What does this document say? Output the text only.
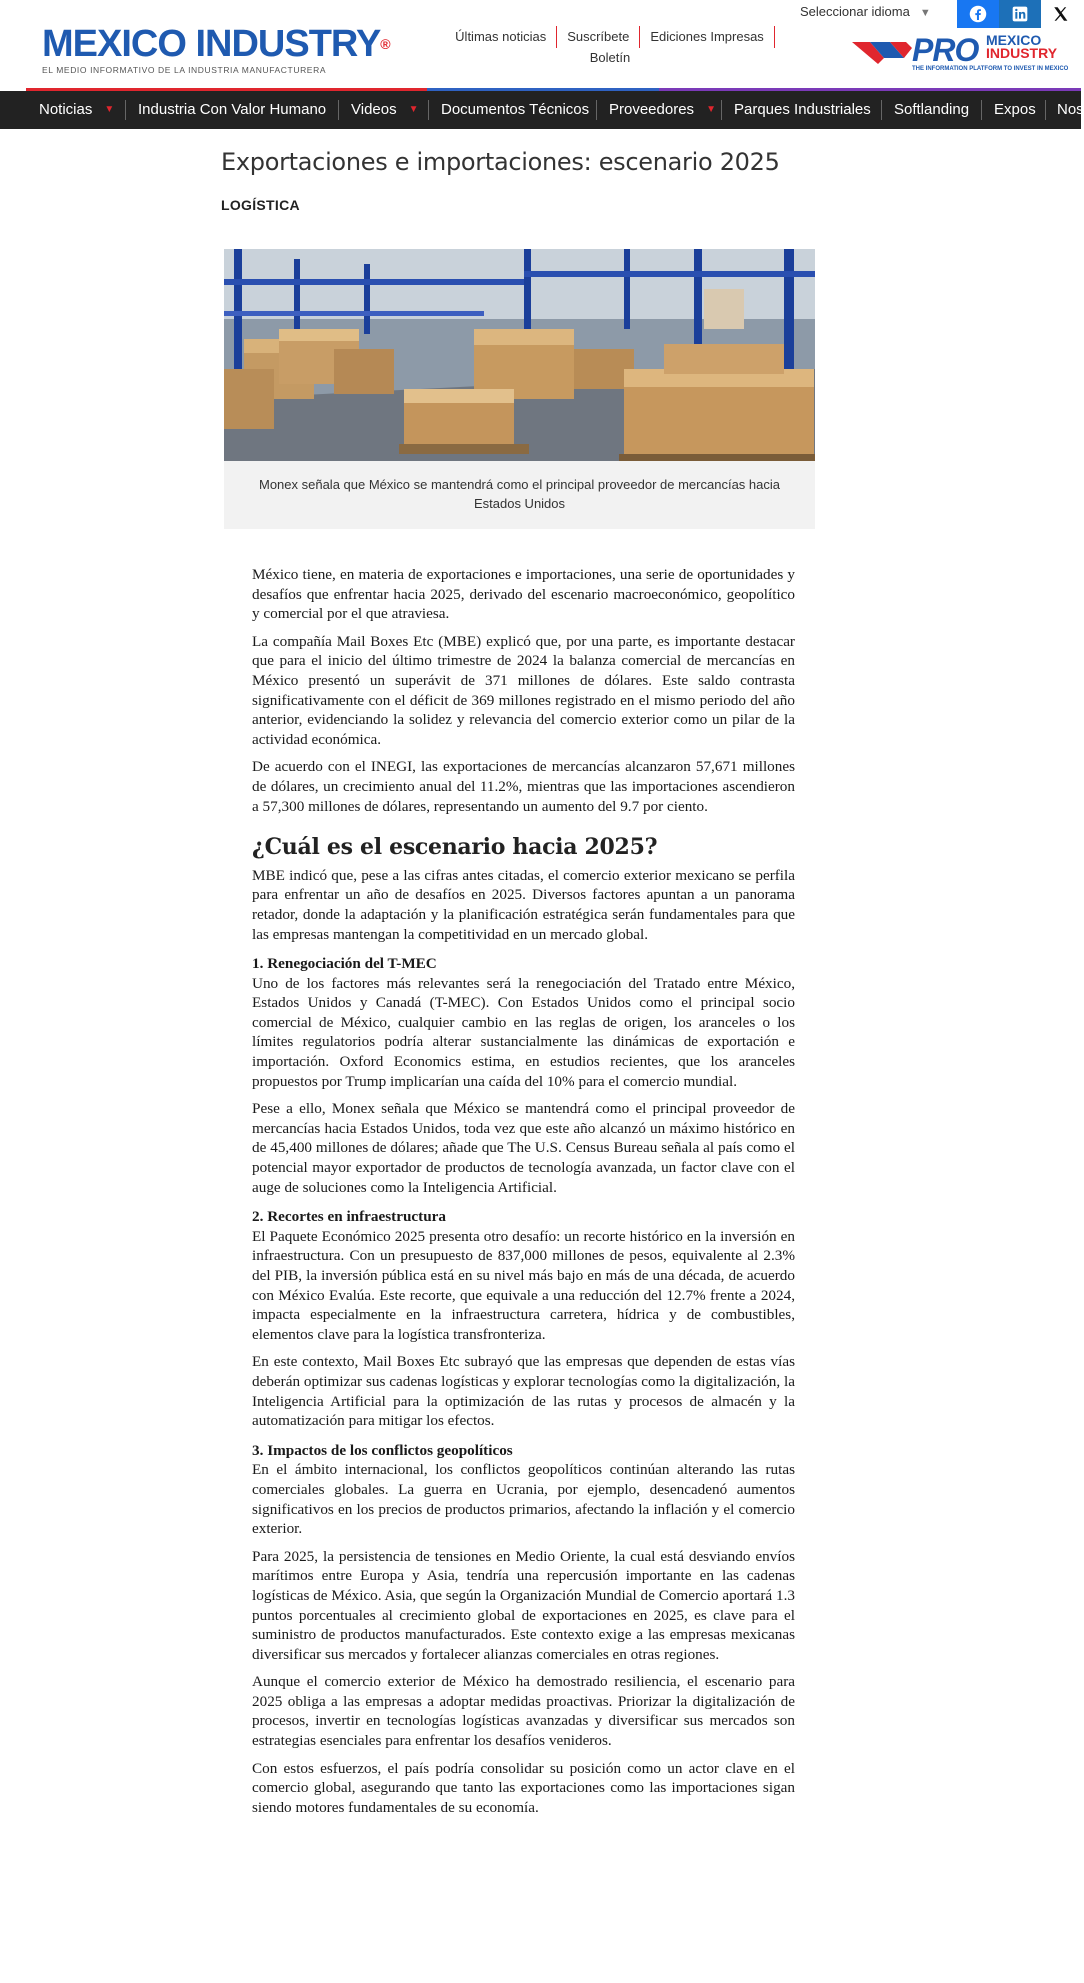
MEXICO INDUSTRY®
EL MEDIO INFORMATIVO DE LA INDUSTRIA MANUFACTURERA
Últimas noticias	Suscríbete	Ediciones Impresas
Boletín
Seleccionar idioma ▼
PRO MEXICO
INDUSTRY
THE INFORMATION PLATFORM TO INVEST IN MEXICO
Noticias ▼ Industria Con Valor Humano Videos ▼ Documentos Técnicos Proveedores ▼ Parques Industriales Softlanding Expos Nos
Exportaciones e importaciones: escenario 2025
LOGÍSTICA
Monex señala que México se mantendrá como el principal proveedor de mercancías hacia Estados Unidos

México tiene, en materia de exportaciones e importaciones, una serie de oportunidades y desafíos que enfrentar hacia 2025, derivado del escenario macroeconómico, geopolítico y comercial por el que atraviesa.

La compañía Mail Boxes Etc (MBE) explicó que, por una parte, es importante destacar que para el inicio del último trimestre de 2024 la balanza comercial de mercancías en México presentó un superávit de 371 millones de dólares. Este saldo contrasta significativamente con el déficit de 369 millones registrado en el mismo periodo del año anterior, evidenciando la solidez y relevancia del comercio exterior como un pilar de la actividad económica.

De acuerdo con el INEGI, las exportaciones de mercancías alcanzaron 57,671 millones de dólares, un crecimiento anual del 11.2%, mientras que las importaciones ascendieron a 57,300 millones de dólares, representando un aumento del 9.7 por ciento.

¿Cuál es el escenario hacia 2025?

MBE indicó que, pese a las cifras antes citadas, el comercio exterior mexicano se perfila para enfrentar un año de desafíos en 2025. Diversos factores apuntan a un panorama retador, donde la adaptación y la planificación estratégica serán fundamentales para que las empresas mantengan la competitividad en un mercado global.

1. Renegociación del T-MEC

Uno de los factores más relevantes será la renegociación del Tratado entre México, Estados Unidos y Canadá (T-MEC). Con Estados Unidos como el principal socio comercial de México, cualquier cambio en las reglas de origen, los aranceles o los límites regulatorios podría alterar sustancialmente las dinámicas de exportación e importación. Oxford Economics estima, en estudios recientes, que los aranceles propuestos por Trump implicarían una caída del 10% para el comercio mundial.

Pese a ello, Monex señala que México se mantendrá como el principal proveedor de mercancías hacia Estados Unidos, toda vez que este año alcanzó un máximo histórico en de 45,400 millones de dólares; añade que The U.S. Census Bureau señala al país como el potencial mayor exportador de productos de tecnología avanzada, un factor clave con el auge de soluciones como la Inteligencia Artificial.

2. Recortes en infraestructura

El Paquete Económico 2025 presenta otro desafío: un recorte histórico en la inversión en infraestructura. Con un presupuesto de 837,000 millones de pesos, equivalente al 2.3% del PIB, la inversión pública está en su nivel más bajo en más de una década, de acuerdo con México Evalúa. Este recorte, que equivale a una reducción del 12.7% frente a 2024, impacta especialmente en la infraestructura carretera, hídrica y de combustibles, elementos clave para la logística transfronteriza.

En este contexto, Mail Boxes Etc subrayó que las empresas que dependen de estas vías deberán optimizar sus cadenas logísticas y explorar tecnologías como la digitalización, la Inteligencia Artificial para la optimización de las rutas y procesos de almacén y la automatización para mitigar los efectos.

3. Impactos de los conflictos geopolíticos

En el ámbito internacional, los conflictos geopolíticos continúan alterando las rutas comerciales globales. La guerra en Ucrania, por ejemplo, desencadenó aumentos significativos en los precios de productos primarios, afectando la inflación y el comercio exterior.

Para 2025, la persistencia de tensiones en Medio Oriente, la cual está desviando envíos marítimos entre Europa y Asia, tendría una repercusión importante en las cadenas logísticas de México. Asia, que según la Organización Mundial de Comercio aportará 1.3 puntos porcentuales al crecimiento global de exportaciones en 2025, es clave para el suministro de productos manufacturados. Este contexto exige a las empresas mexicanas diversificar sus mercados y fortalecer alianzas comerciales en otras regiones.

Aunque el comercio exterior de México ha demostrado resiliencia, el escenario para 2025 obliga a las empresas a adoptar medidas proactivas. Priorizar la digitalización de procesos, invertir en tecnologías logísticas avanzadas y diversificar sus mercados son estrategias esenciales para enfrentar los desafíos venideros.

Con estos esfuerzos, el país podría consolidar su posición como un actor clave en el comercio global, asegurando que tanto las exportaciones como las importaciones sigan siendo motores fundamentales de su economía.
